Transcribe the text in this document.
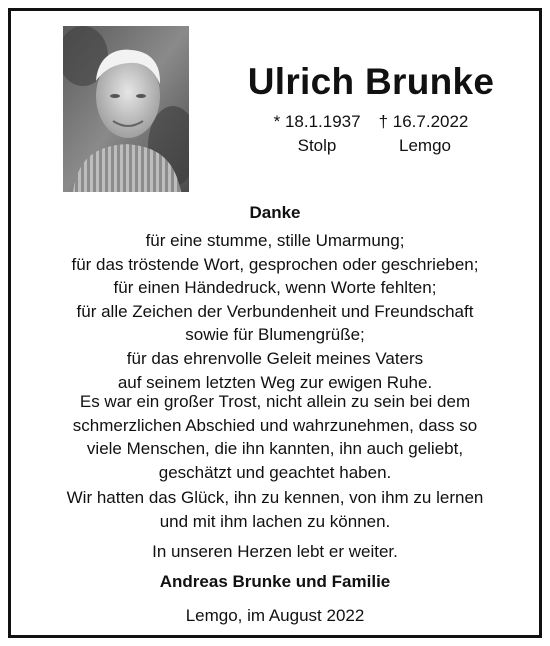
Ulrich Brunke
* 18.1.1937 † 16.7.2022
Stolp	Lemgo
Danke
für eine stumme, stille Umarmung;
für das tröstende Wort, gesprochen oder geschrieben;
für einen Händedruck, wenn Worte fehlten;
für alle Zeichen der Verbundenheit und Freundschaft
sowie für Blumengrüße;
für das ehrenvolle Geleit meines Vaters
auf seinem letzten Weg zur ewigen Ruhe.
Es war ein großer Trost, nicht allein zu sein bei dem
schmerzlichen Abschied und wahrzunehmen, dass so
viele Menschen, die ihn kannten, ihn auch geliebt,
geschätzt und geachtet haben.
Wir hatten das Glück, ihn zu kennen, von ihm zu lernen
und mit ihm lachen zu können.
In unseren Herzen lebt er weiter.
Andreas Brunke und Familie
Lemgo, im August 2022
